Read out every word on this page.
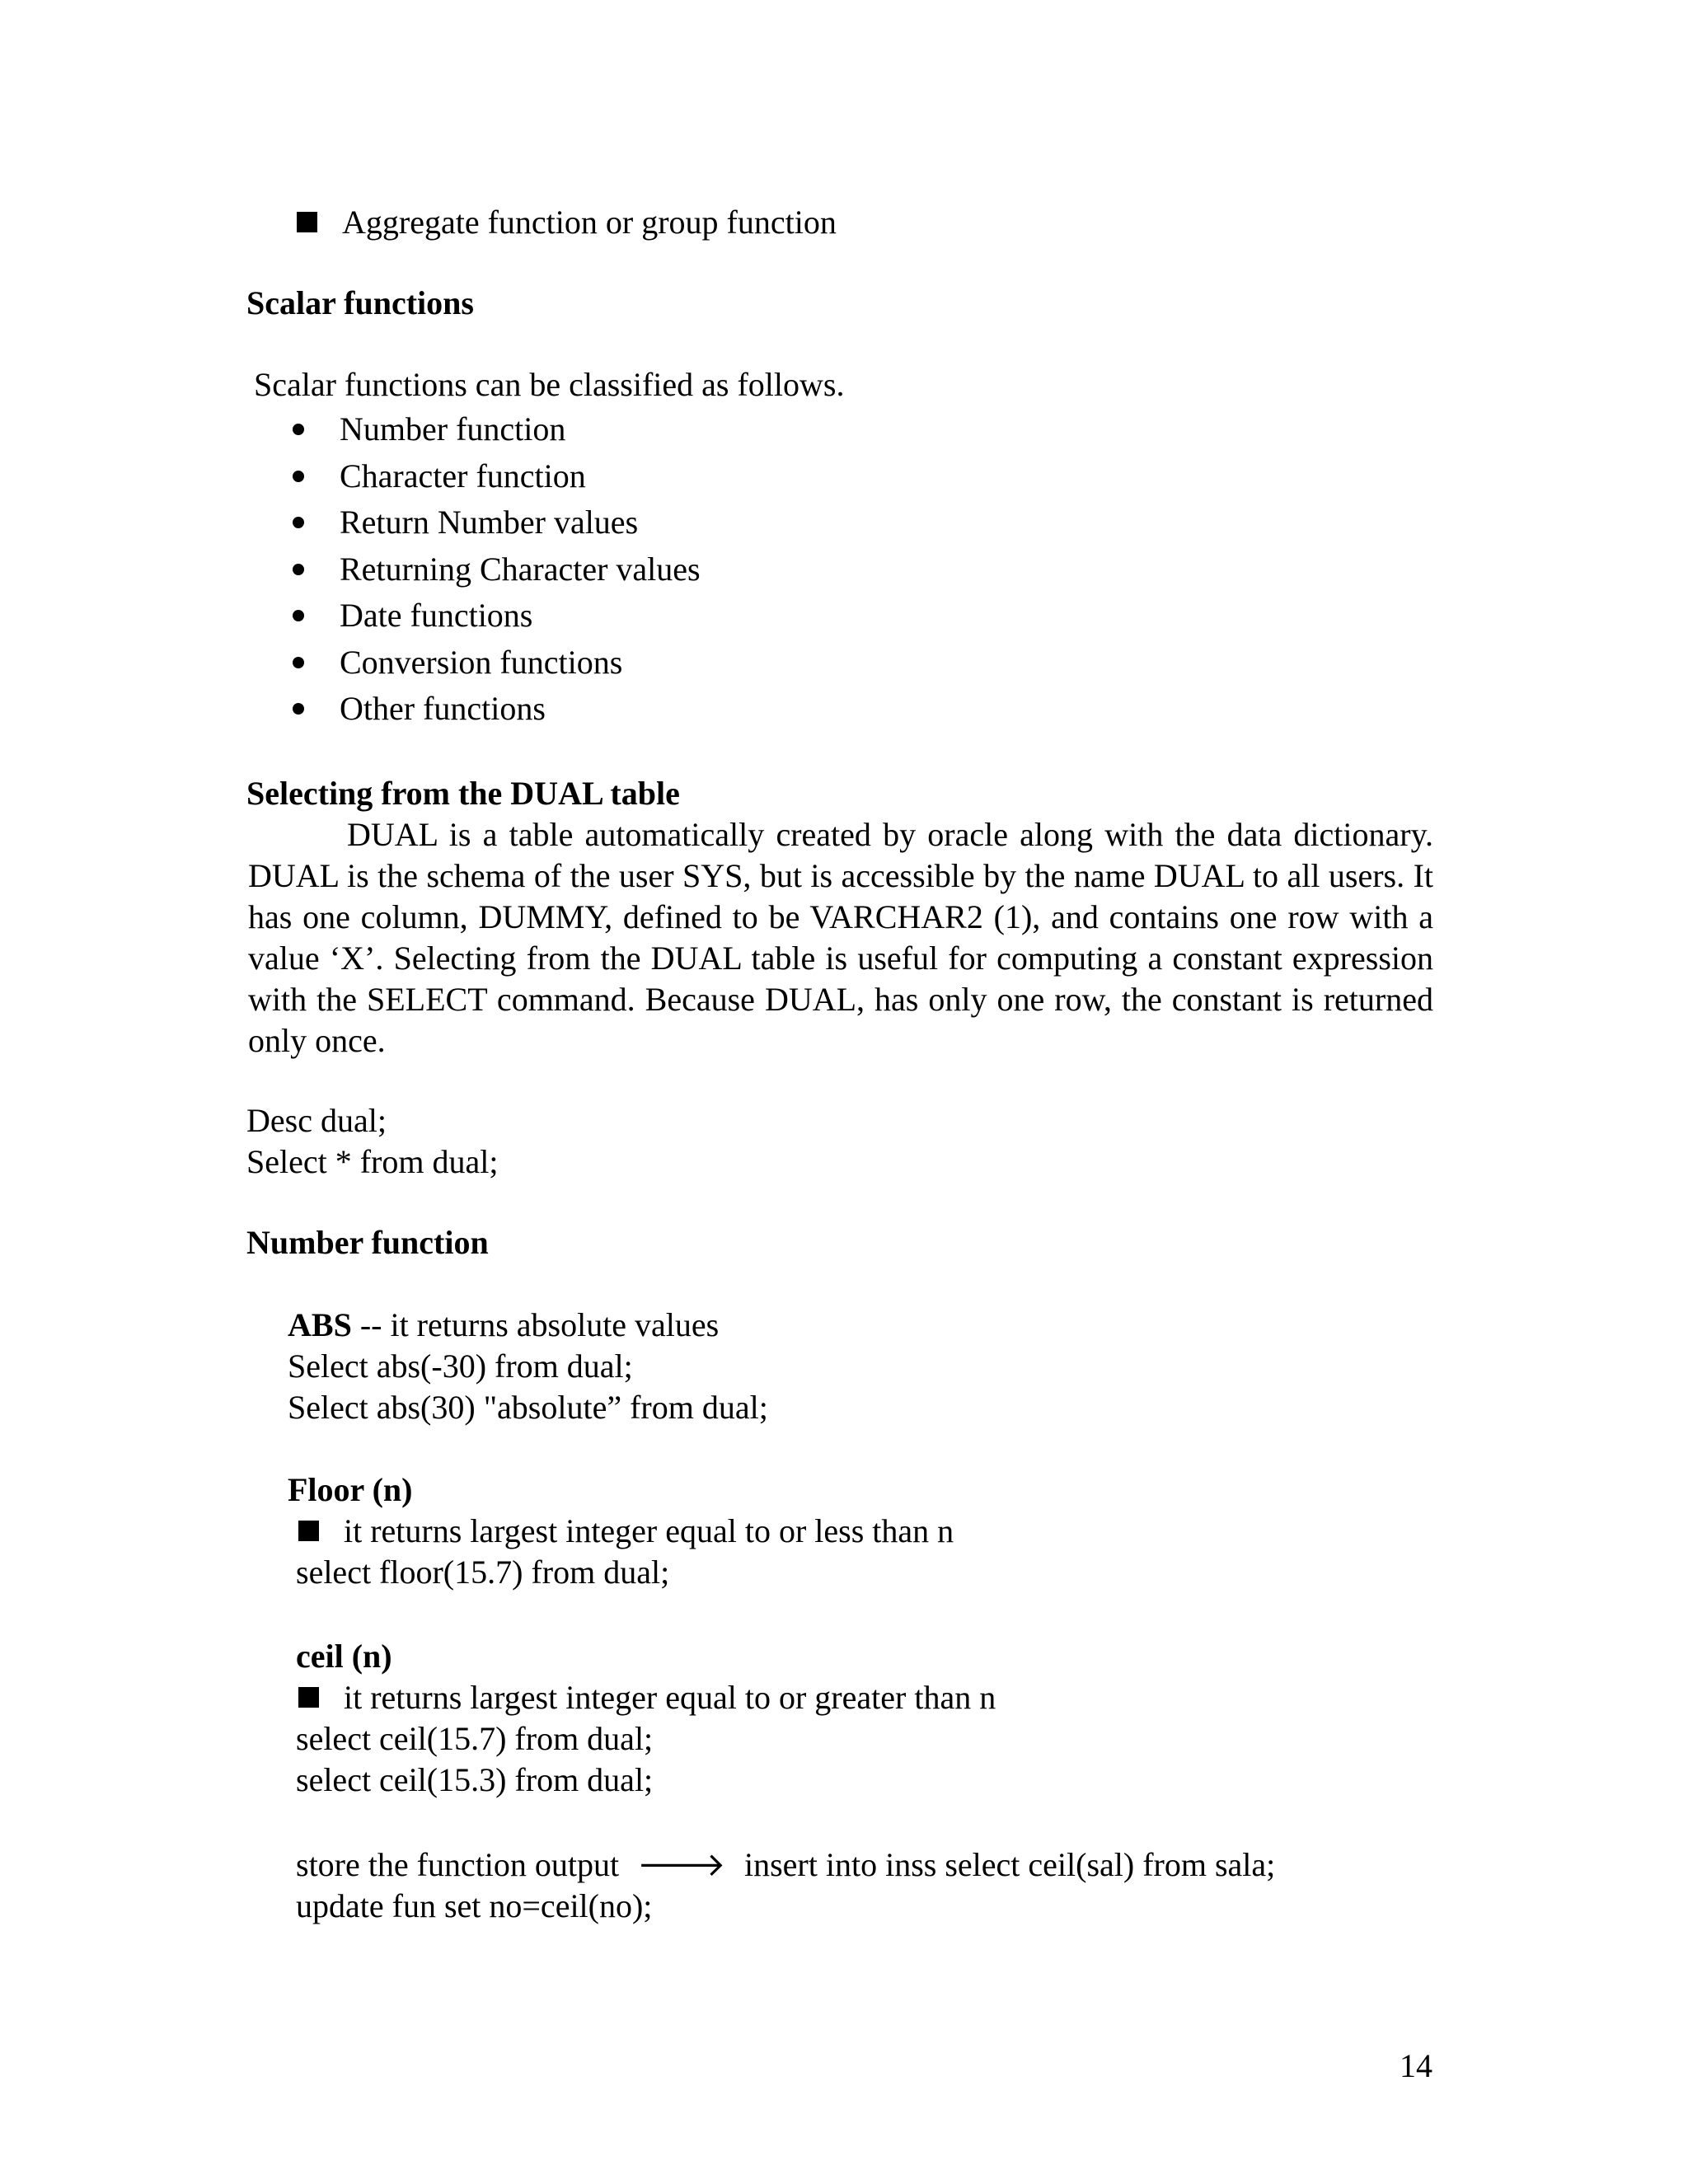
Aggregate function or group function
Scalar functions

Scalar functions can be classified as follows.

Number function
Character function
Return Number values
Returning Character values
Date functions
Conversion functions
Other functions
Selecting from the DUAL table

DUAL is a table automatically created by oracle along with the data dictionary. DUAL is the schema of the user SYS, but is accessible by the name DUAL to all users. It has one column, DUMMY, defined to be VARCHAR2 (1), and contains one row with a value ‘X’. Selecting from the DUAL table is useful for computing a constant expression with the SELECT command. Because DUAL, has only one row, the constant is returned only once.

Desc dual;
Select * from dual;
Number function
ABS -- it returns absolute values
Select abs(-30) from dual;
Select abs(30) "absolute” from dual;
Floor (n)
it returns largest integer equal to or less than n
select floor(15.7) from dual;
ceil (n)
it returns largest integer equal to or greater than n
select ceil(15.7) from dual;
select ceil(15.3) from dual;
store the function output 🡒 insert into inss select ceil(sal) from sala;
update fun set no=ceil(no);
14
